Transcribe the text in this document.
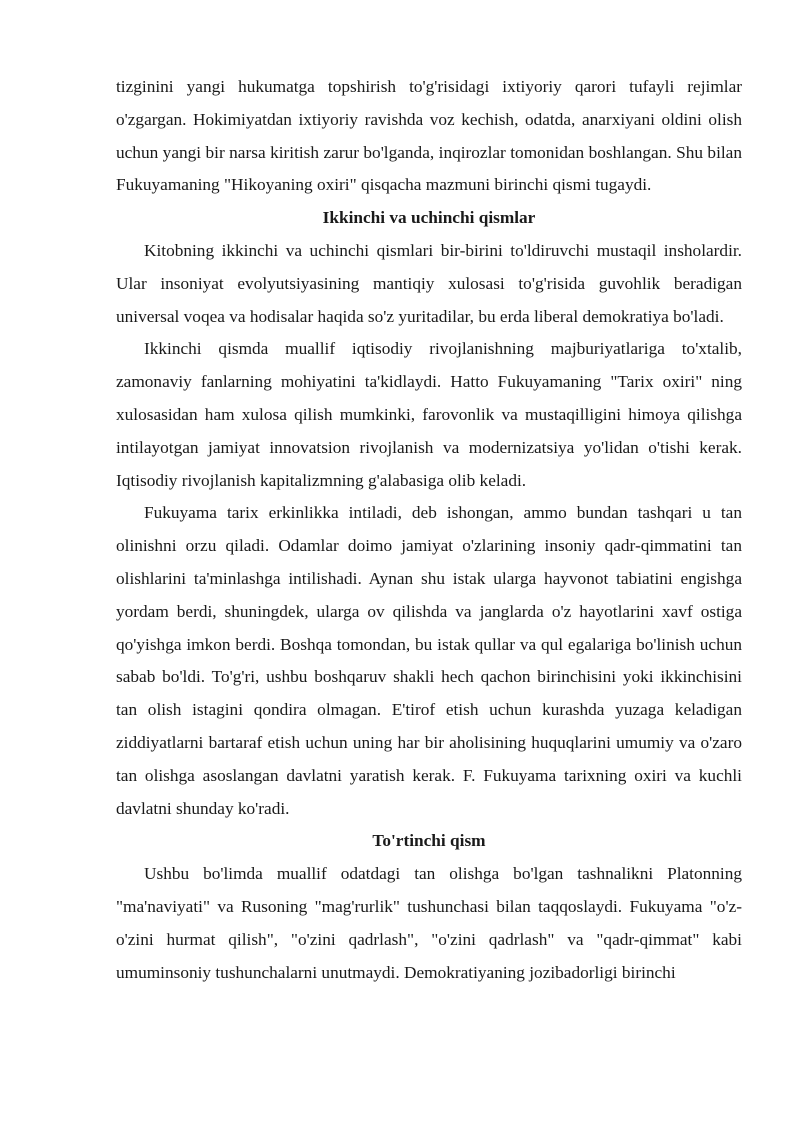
tizginini yangi hukumatga topshirish to'g'risidagi ixtiyoriy qarori tufayli rejimlar o'zgargan. Hokimiyatdan ixtiyoriy ravishda voz kechish, odatda, anarxiyani oldini olish uchun yangi bir narsa kiritish zarur bo'lganda, inqirozlar tomonidan boshlangan. Shu bilan Fukuyamaning "Hikoyaning oxiri" qisqacha mazmuni birinchi qismi tugaydi.

Ikkinchi va uchinchi qismlar

Kitobning ikkinchi va uchinchi qismlari bir-birini to'ldiruvchi mustaqil insholardir. Ular insoniyat evolyutsiyasining mantiqiy xulosasi to'g'risida guvohlik beradigan universal voqea va hodisalar haqida so'z yuritadilar, bu erda liberal demokratiya bo'ladi.

Ikkinchi qismda muallif iqtisodiy rivojlanishning majburiyatlariga to'xtalib, zamonaviy fanlarning mohiyatini ta'kidlaydi. Hatto Fukuyamaning "Tarix oxiri" ning xulosasidan ham xulosa qilish mumkinki, farovonlik va mustaqilligini himoya qilishga intilayotgan jamiyat innovatsion rivojlanish va modernizatsiya yo'lidan o'tishi kerak. Iqtisodiy rivojlanish kapitalizmning g'alabasiga olib keladi.

Fukuyama tarix erkinlikka intiladi, deb ishongan, ammo bundan tashqari u tan olinishni orzu qiladi. Odamlar doimo jamiyat o'zlarining insoniy qadr-qimmatini tan olishlarini ta'minlashga intilishadi. Aynan shu istak ularga hayvonot tabiatini engishga yordam berdi, shuningdek, ularga ov qilishda va janglarda o'z hayotlarini xavf ostiga qo'yishga imkon berdi. Boshqa tomondan, bu istak qullar va qul egalariga bo'linish uchun sabab bo'ldi. To'g'ri, ushbu boshqaruv shakli hech qachon birinchisini yoki ikkinchisini tan olish istagini qondira olmagan. E'tirof etish uchun kurashda yuzaga keladigan ziddiyatlarni bartaraf etish uchun uning har bir aholisining huquqlarini umumiy va o'zaro tan olishga asoslangan davlatni yaratish kerak. F. Fukuyama tarixning oxiri va kuchli davlatni shunday ko'radi.

To'rtinchi qism

Ushbu bo'limda muallif odatdagi tan olishga bo'lgan tashnalikni Platonning "ma'naviyati" va Rusoning "mag'rurlik" tushunchasi bilan taqqoslaydi. Fukuyama "o'z-o'zini hurmat qilish", "o'zini qadrlash", "o'zini qadrlash" va "qadr-qimmat" kabi umuminsoniy tushunchalarni unutmaydi. Demokratiyaning jozibadorligi birinchi
